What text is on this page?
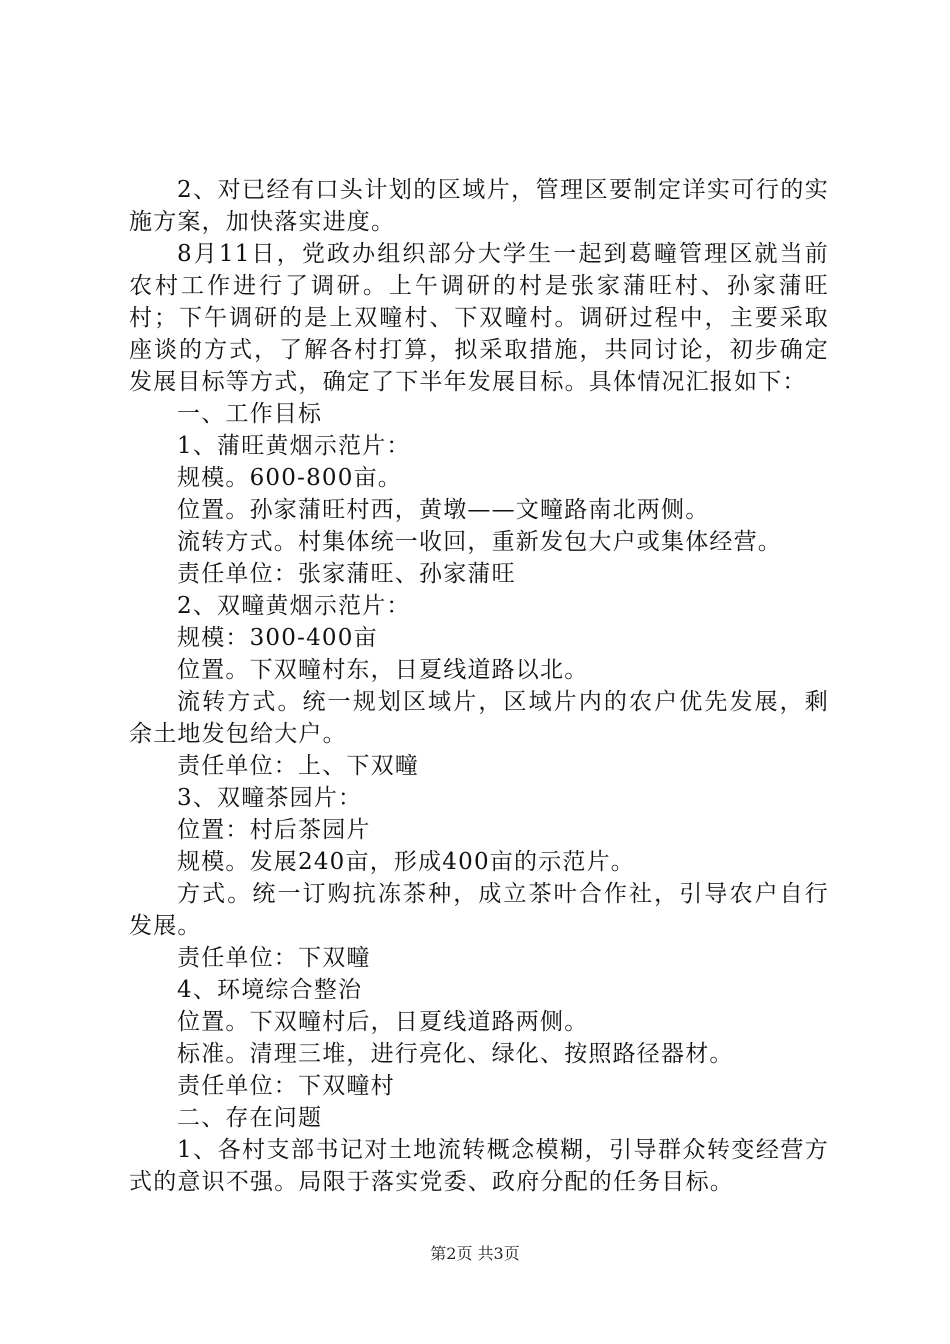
2、对已经有口头计划的区域片，管理区要制定详实可行的实施方案，加快落实进度。

8月11日，党政办组织部分大学生一起到葛疃管理区就当前农村工作进行了调研。上午调研的村是张家蒲旺村、孙家蒲旺村；下午调研的是上双疃村、下双疃村。调研过程中，主要采取座谈的方式，了解各村打算，拟采取措施，共同讨论，初步确定发展目标等方式，确定了下半年发展目标。具体情况汇报如下：

一、工作目标

1、蒲旺黄烟示范片：

规模。600-800亩。

位置。孙家蒲旺村西，黄墩——文疃路南北两侧。

流转方式。村集体统一收回，重新发包大户或集体经营。

责任单位：张家蒲旺、孙家蒲旺

2、双疃黄烟示范片：

规模：300-400亩

位置。下双疃村东，日夏线道路以北。

流转方式。统一规划区域片，区域片内的农户优先发展，剩余土地发包给大户。

责任单位：上、下双疃

3、双疃茶园片：

位置：村后茶园片

规模。发展240亩，形成400亩的示范片。

方式。统一订购抗冻茶种，成立茶叶合作社，引导农户自行发展。

责任单位：下双疃

4、环境综合整治

位置。下双疃村后，日夏线道路两侧。

标准。清理三堆，进行亮化、绿化、按照路径器材。

责任单位：下双疃村

二、存在问题

1、各村支部书记对土地流转概念模糊，引导群众转变经营方式的意识不强。局限于落实党委、政府分配的任务目标。

第2页 共3页
